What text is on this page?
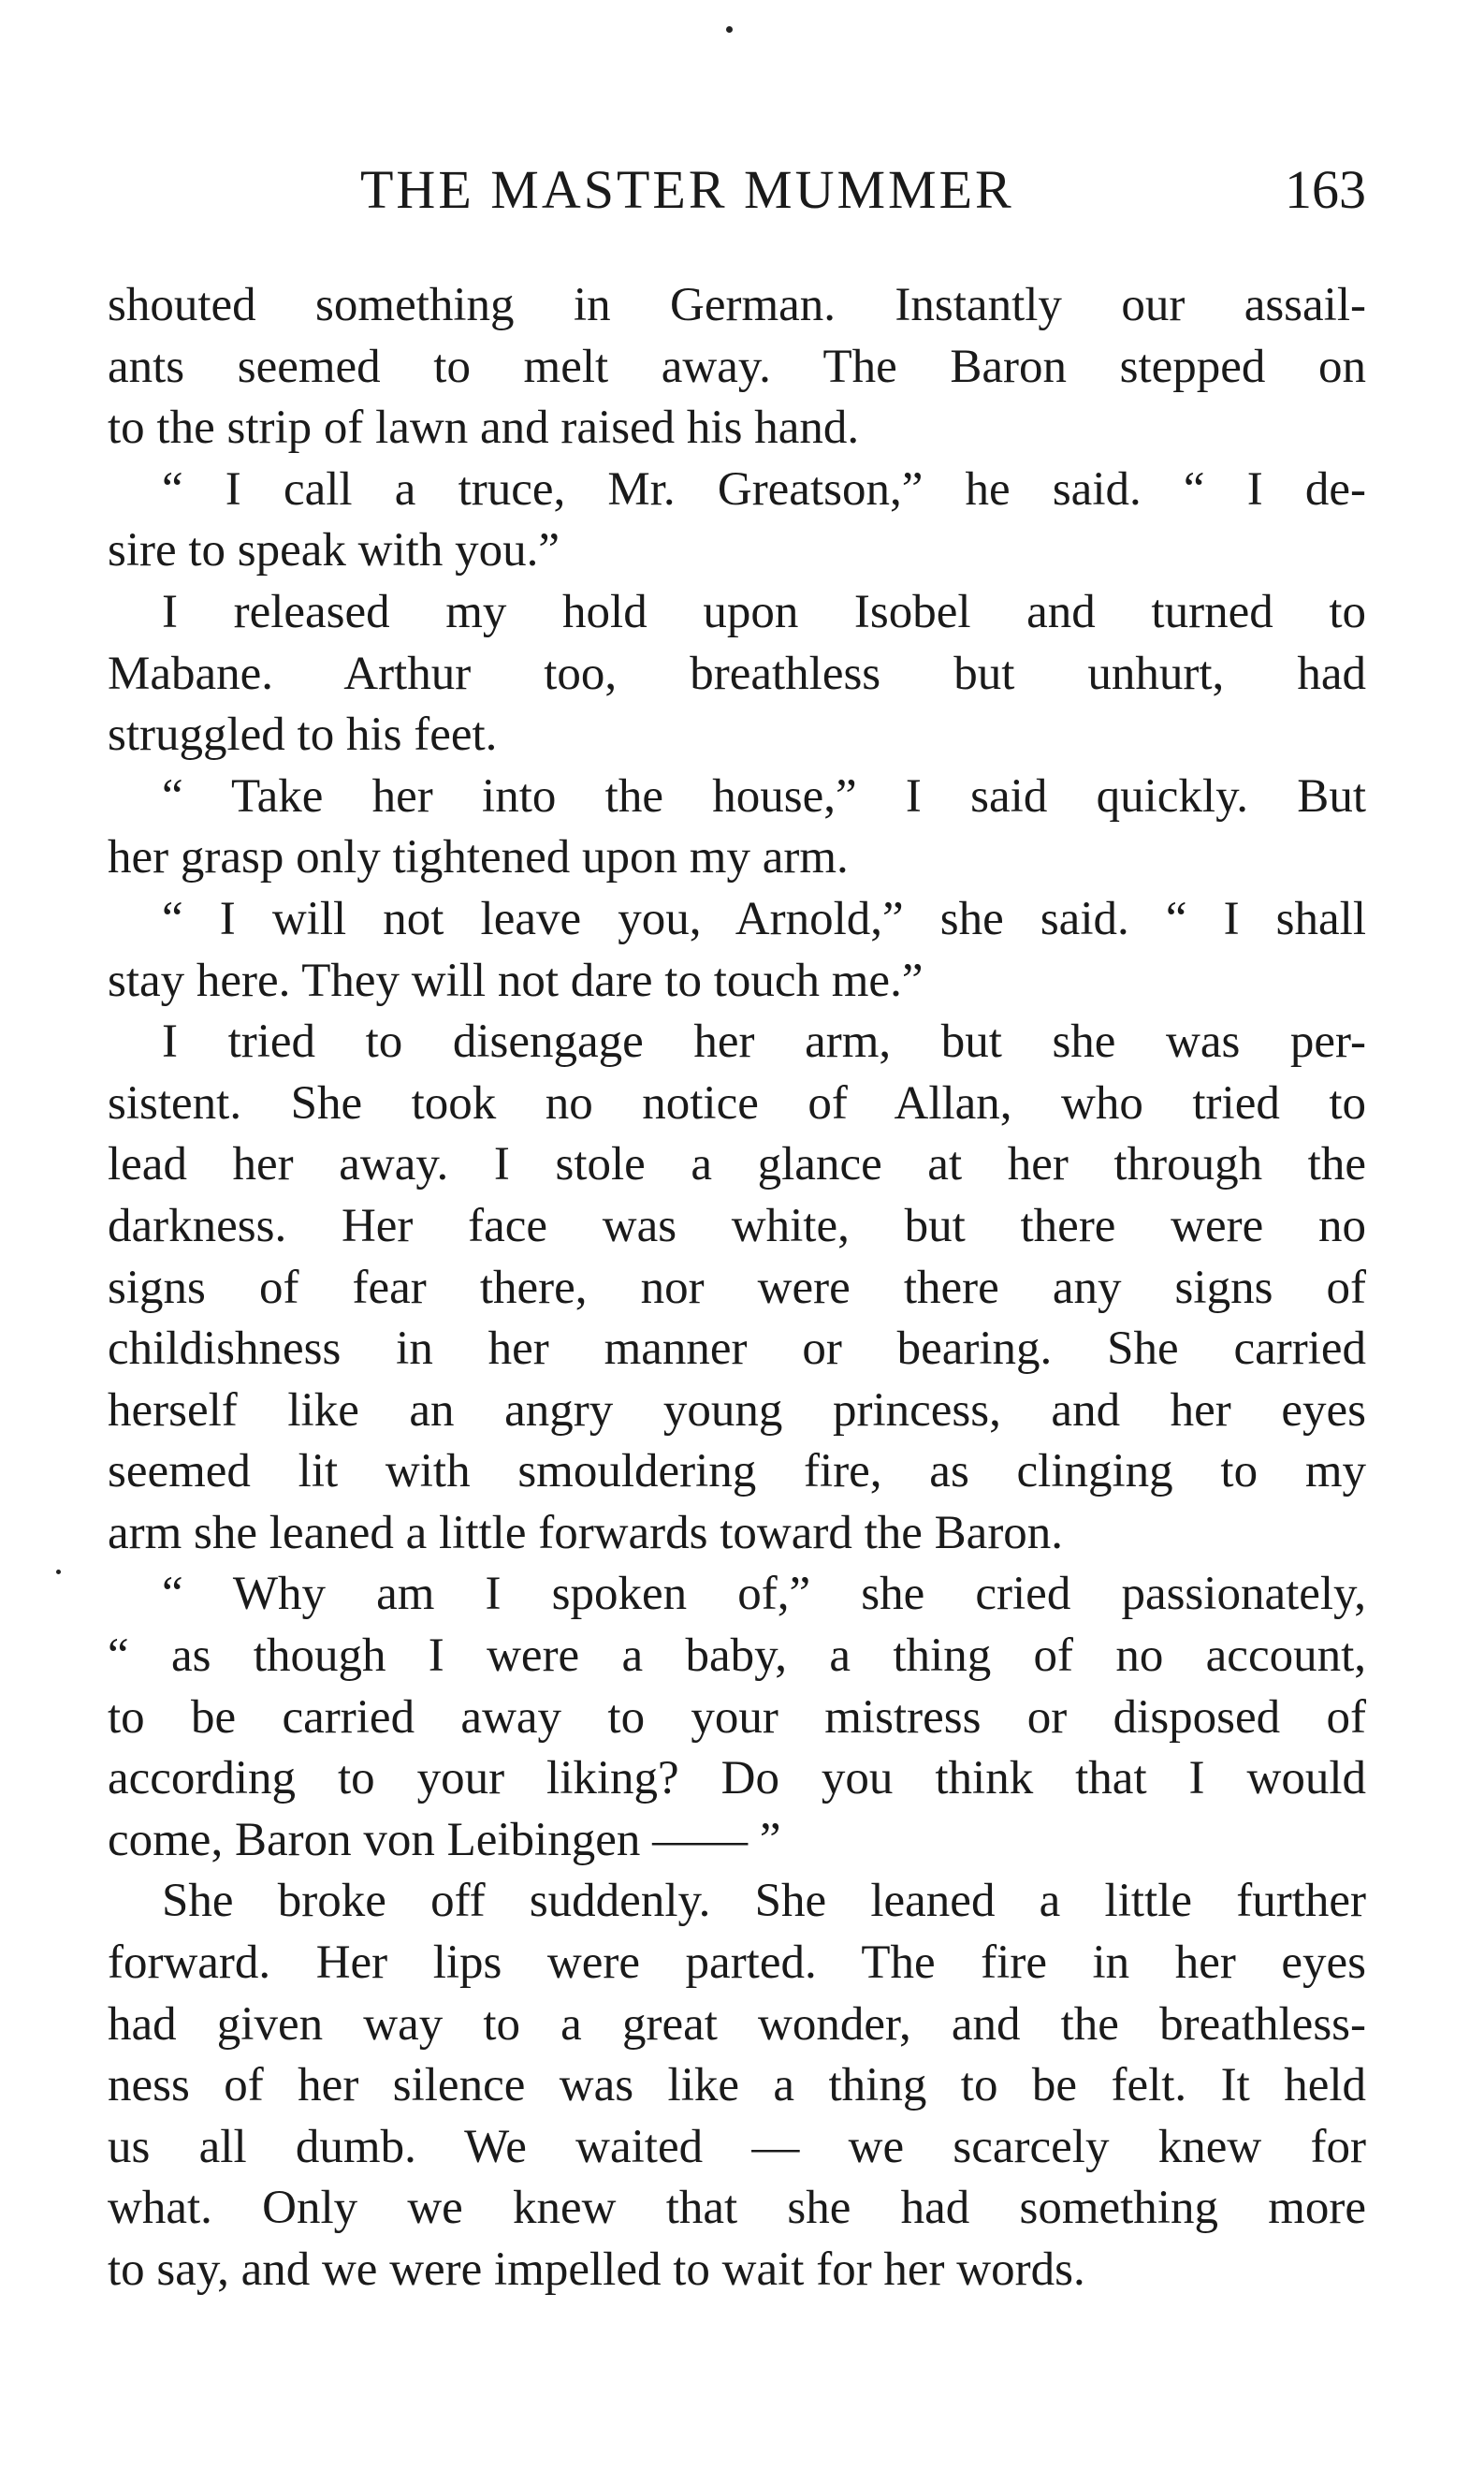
THE MASTER MUMMER	163
shouted something in German. Instantly our assail-
ants seemed to melt away. The Baron stepped on
to the strip of lawn and raised his hand.
“ I call a truce, Mr. Greatson,” he said. “ I de-
sire to speak with you.”
I released my hold upon Isobel and turned to
Mabane. Arthur too, breathless but unhurt, had
struggled to his feet.
“ Take her into the house,” I said quickly. But
her grasp only tightened upon my arm.
“ I will not leave you, Arnold,” she said. “ I shall
stay here. They will not dare to touch me.”
I tried to disengage her arm, but she was per-
sistent. She took no notice of Allan, who tried to
lead her away. I stole a glance at her through the
darkness. Her face was white, but there were no
signs of fear there, nor were there any signs of
childishness in her manner or bearing. She carried
herself like an angry young princess, and her eyes
seemed lit with smouldering fire, as clinging to my
arm she leaned a little forwards toward the Baron.
“ Why am I spoken of,” she cried passionately,
“ as though I were a baby, a thing of no account,
to be carried away to your mistress or disposed of
according to your liking? Do you think that I would
come, Baron von Leibingen —— ”
She broke off suddenly. She leaned a little further
forward. Her lips were parted. The fire in her eyes
had given way to a great wonder, and the breathless-
ness of her silence was like a thing to be felt. It held
us all dumb. We waited — we scarcely knew for
what. Only we knew that she had something more
to say, and we were impelled to wait for her words.
